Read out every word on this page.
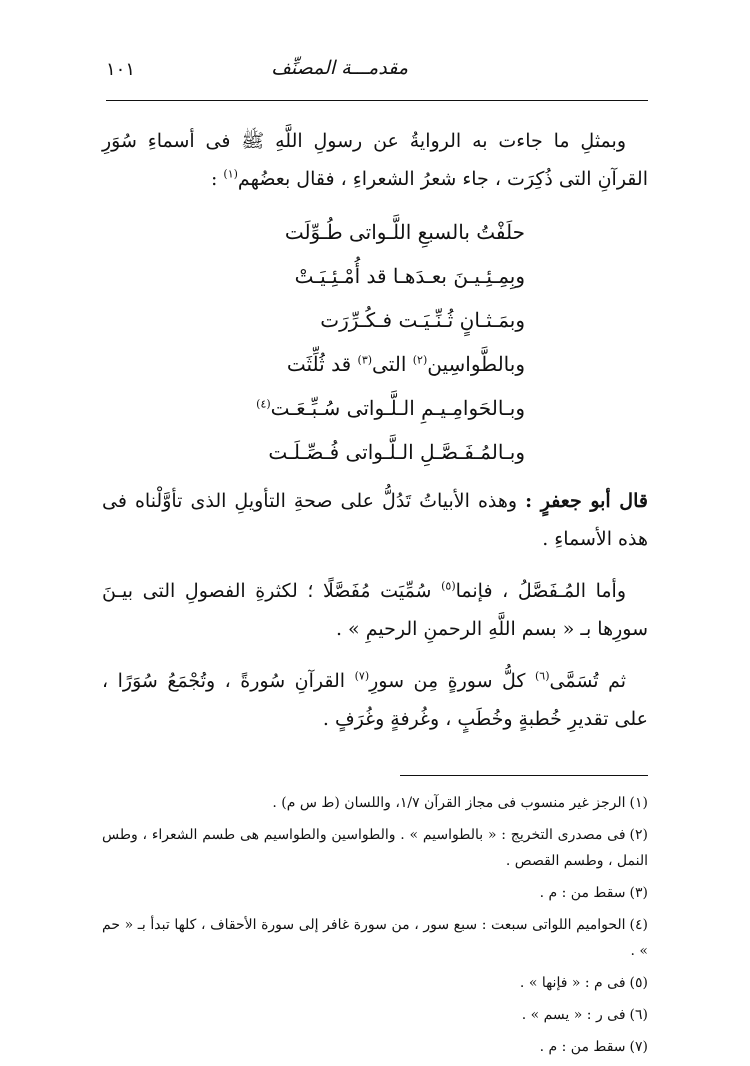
مقدمـــة المصنِّف
١٠١
وبمثلِ ما جاءت به الروايةُ عن رسولِ اللَّهِ ﷺ فى أسماءِ سُوَرِ القرآنِ التى ذُكِرَت ، جاء شعرُ الشعراءِ ، فقال بعضُهم$^{(١)}$ :
حلَفْتُ بالسبعِ اللَّـواتى طُـوِّلَت
وبِمِـئِـيـنَ بعـدَهـا قد أُمْـئِـيَـتْ
وبمَـثـانٍ ثُـنِّـيَـت فـكُـرِّرَت
وبالطَّواسِين$^{(٢)}$ التى$^{(٣)}$ قد ثُلِّثَت
وبـالحَوامِـيـمِ الـلَّـواتى سُـبِّـعَـت$^{(٤)}$
وبـالمُـفَـصَّـلِ الـلَّـواتى فُـصِّـلَـت
قال أبو جعفرٍ : وهذه الأبياتُ تَدُلُّ على صحةِ التأويلِ الذى تأوَّلْناه فى هذه الأسماءِ .
وأما المُـفَصَّلُ ، فإنما$^{(٥)}$ سُمِّيَت مُفَصَّلًا ؛ لكثرةِ الفصولِ التى بيـنَ سورِها بـ « بسم اللَّهِ الرحمنِ الرحيمِ » .
ثم تُسَمَّى$^{(٦)}$ كلُّ سورةٍ مِن سورِ$^{(٧)}$ القرآنِ سُورةً ، وتُجْمَعُ سُوَرًا ، على تقديرِ خُطبةٍ وخُطَبٍ ، وغُرفةٍ وغُرَفٍ .

(١)الرجز غير منسوب فى مجاز القرآن ١/٧، واللسان (ط س م) .

(٢)فى مصدرى التخريج : « بالطواسيم » . والطواسين والطواسيم هى طسم الشعراء ، وطس النمل ، وطسم القصص .

(٣)سقط من : م .

(٤)الحواميم اللواتى سبعت : سبع سور ، من سورة غافر إلى سورة الأحقاف ، كلها تبدأ بـ « حم » .

(٥)فى م : « فإنها » .

(٦)فى ر : « يسم » .

(٧)سقط من : م .
